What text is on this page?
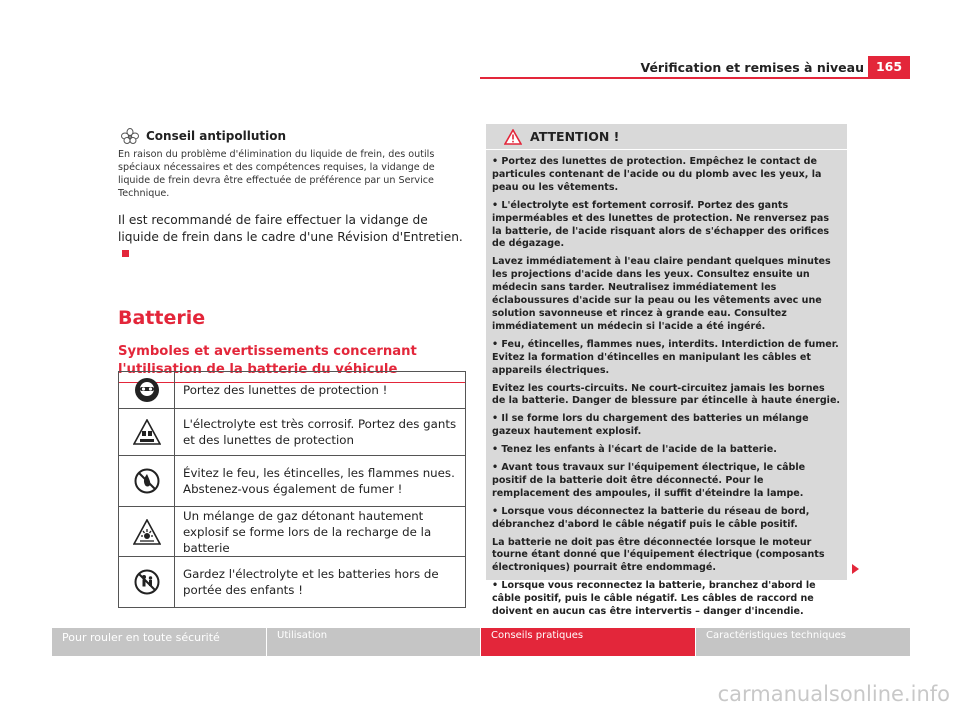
Vérification et remises à niveau 165
Conseil antipollution

En raison du problème d'élimination du liquide de frein, des outils spéciaux nécessaires et des compétences requises, la vidange de liquide de frein devra être effectuée de préférence par un Service Technique.

Il est recommandé de faire effectuer la vidange de liquide de frein dans le cadre d'une Révision d'Entretien.

Batterie
Symboles et avertissements concernant l'utilisation de la batterie du véhicule
	Portez des lunettes de protection !

	L'électrolyte est très corrosif. Portez des gants et des lunettes de protection

	Évitez le feu, les étincelles, les flammes nues. Abstenez-vous également de fumer !

	Un mélange de gaz détonant hautement explosif se forme lors de la recharge de la batterie

	Gardez l'électrolyte et les batteries hors de portée des enfants !
ATTENTION !

• Portez des lunettes de protection. Empêchez le contact de particules contenant de l'acide ou du plomb avec les yeux, la peau ou les vêtements.

• L'électrolyte est fortement corrosif. Portez des gants imperméables et des lunettes de protection. Ne renversez pas la batterie, de l'acide risquant alors de s'échapper des orifices de dégazage.

Lavez immédiatement à l'eau claire pendant quelques minutes les projections d'acide dans les yeux. Consultez ensuite un médecin sans tarder. Neutralisez immédiatement les éclaboussures d'acide sur la peau ou les vêtements avec une solution savonneuse et rincez à grande eau. Consultez immédiatement un médecin si l'acide a été ingéré.

• Feu, étincelles, flammes nues, interdits. Interdiction de fumer. Evitez la formation d'étincelles en manipulant les câbles et appareils électriques.

Evitez les courts-circuits. Ne court-circuitez jamais les bornes de la batterie. Danger de blessure par étincelle à haute énergie.

• Il se forme lors du chargement des batteries un mélange gazeux hautement explosif.

• Tenez les enfants à l'écart de l'acide de la batterie.

• Avant tous travaux sur l'équipement électrique, le câble positif de la batterie doit être déconnecté. Pour le remplacement des ampoules, il suffit d'éteindre la lampe.

• Lorsque vous déconnectez la batterie du réseau de bord, débranchez d'abord le câble négatif puis le câble positif.

La batterie ne doit pas être déconnectée lorsque le moteur tourne étant donné que l'équipement électrique (composants électroniques) pourrait être endommagé.

• Lorsque vous reconnectez la batterie, branchez d'abord le câble positif, puis le câble négatif. Les câbles de raccord ne doivent en aucun cas être intervertis – danger d'incendie.

Pour rouler en toute sécurité	Utilisation	Conseils pratiques	Caractéristiques techniques
carmanualsonline.info
